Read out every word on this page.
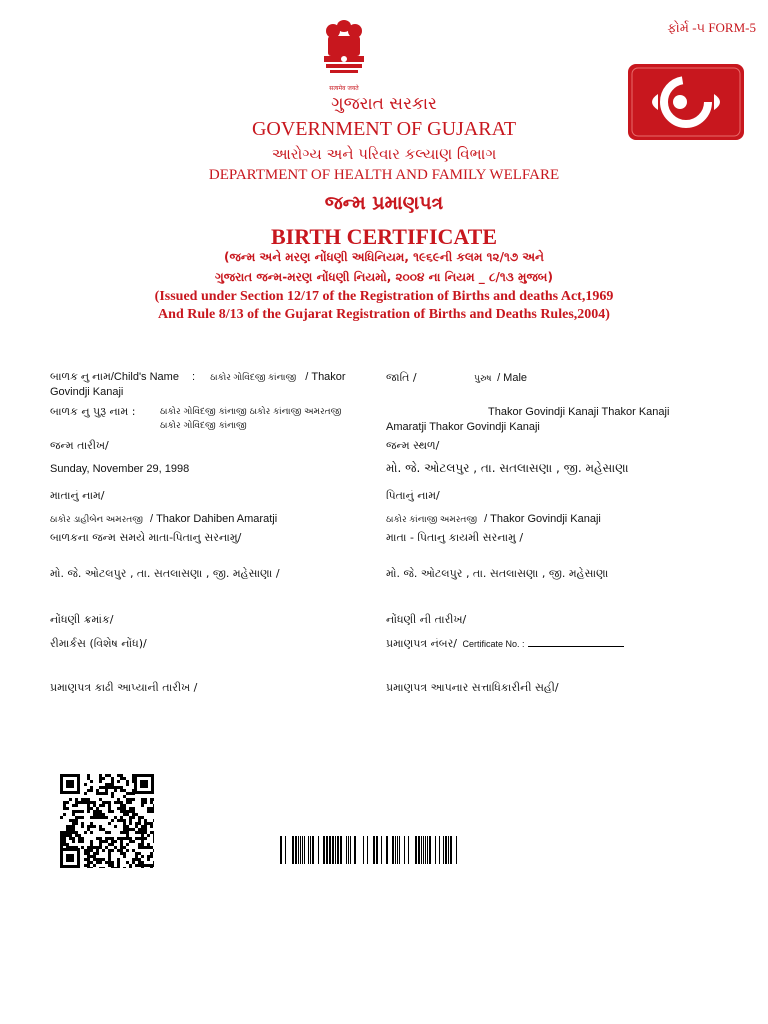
ફોર્મ -૫ FORM-5
सत्यमेव जयते
ગુજરાત સરકાર
GOVERNMENT OF GUJARAT
આરોગ્ય અને પરિવાર કલ્યાણ વિભાગ
DEPARTMENT OF HEALTH AND FAMILY WELFARE
જન્મ પ્રમાણપત્ર
BIRTH CERTIFICATE
(જન્મ અને મરણ નોંધણી અધિનિયમ, ૧૯૬૯ની કલમ ૧૨/૧૭ અને
ગુજરાત જન્મ-મરણ નોંધણી નિયમો, ૨૦૦૪ ના નિયમ _ ૮/૧૩ મુજબ)
(Issued under Section 12/17 of the Registration of Births and deaths Act,1969
And Rule 8/13 of the Gujarat Registration of Births and Deaths Rules,2004)
બાળક નુ નામ/Child's Name : ઠાકોર ગોવિંદજી કાંનાજી / Thakor
Govindji Kanaji
બાળક નુ પુરૂ નામ :	ઠાકોર ગોવિંદજી કાંનાજી ઠાકોર કાંનાજી અમરતજી
ઠાકોર ગોવિંદજી કાંનાજી
જન્મ તારીખ/
Sunday, November 29, 1998
માતાનું નામ/
ઠાકોર ડાહીબેન અમરતજી / Thakor Dahiben Amaratji
બાળકના જન્મ સમયે માતા-પિતાનુ સરનામુ/
મો. જે. ઓટલપુર , તા. સતલાસણા , જી. મહેસાણા /
નોંધણી ક્રમાંક/
રીમાર્કસ (વિશેષ નોંધ)/
પ્રમાણપત્ર કાઢી આપ્યાની તારીખ /
જાતિ /	પુરુષ / Male
Thakor Govindji Kanaji Thakor Kanaji
Amaratji Thakor Govindji Kanaji
જન્મ સ્થળ/
મો. જે. ઓટલપુર , તા. સતલાસણા , જી. મહેસાણા
પિતાનું નામ/
ઠાકોર કાંનાજી અમરતજી / Thakor Govindji Kanaji
માતા - પિતાનુ કાયમી સરનામુ /
મો. જે. ઓટલપુર , તા. સતલાસણા , જી. મહેસાણા
નોંધણી ની તારીખ/
પ્રમાણપત્ર નંબર/ Certificate No. :
પ્રમાણપત્ર આપનાર સત્તાધિકારીની સહી/
